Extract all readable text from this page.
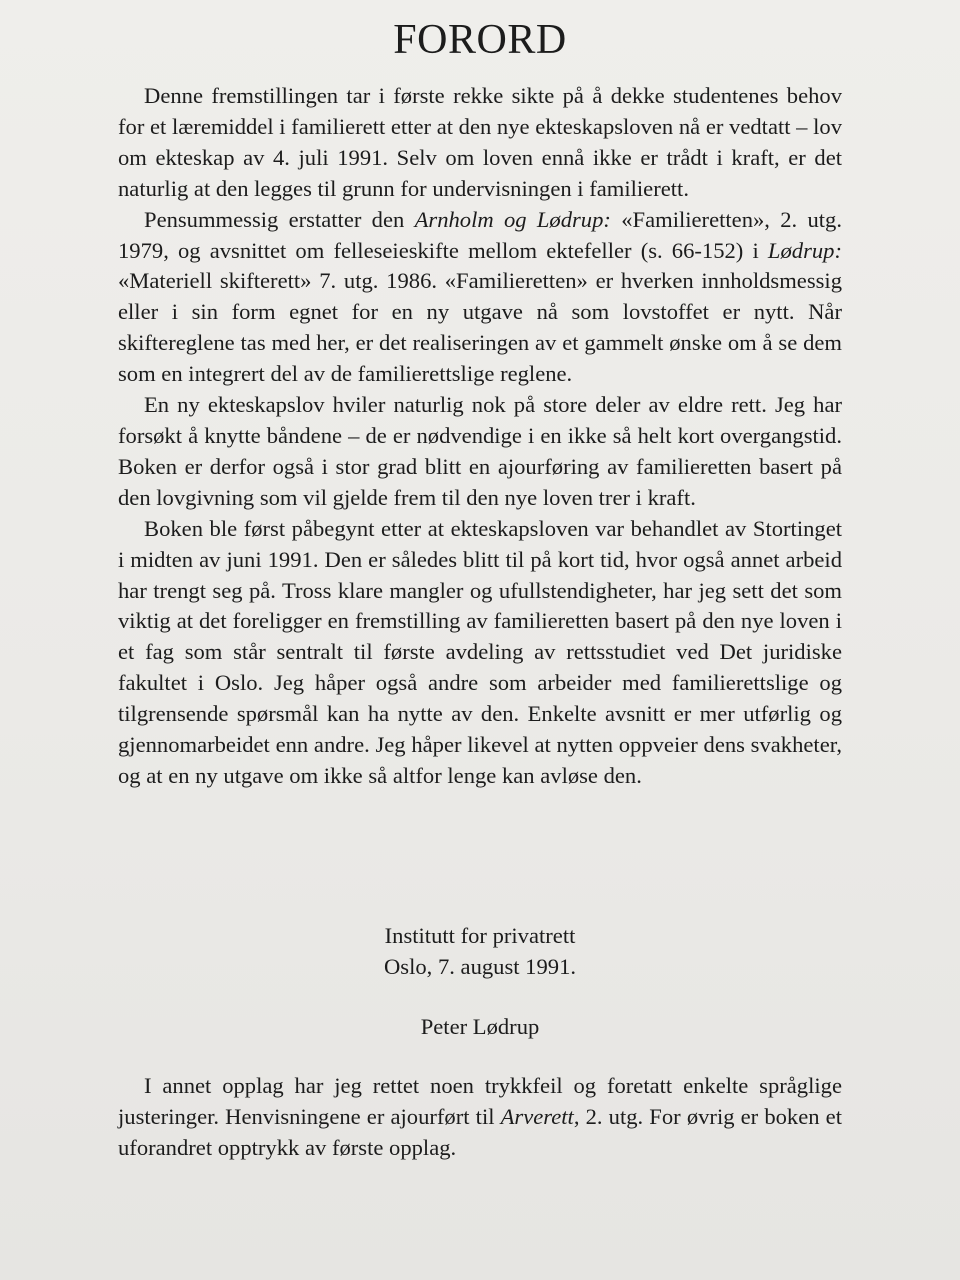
FORORD

Denne fremstillingen tar i første rekke sikte på å dekke studentenes behov for et læremiddel i familierett etter at den nye ekteskapsloven nå er vedtatt – lov om ekteskap av 4. juli 1991. Selv om loven ennå ikke er trådt i kraft, er det naturlig at den legges til grunn for undervisningen i familierett.

Pensummessig erstatter den Arnholm og Lødrup: «Familieretten», 2. utg. 1979, og avsnittet om felleseieskifte mellom ektefeller (s. 66-152) i Lødrup: «Materiell skifterett» 7. utg. 1986. «Familieretten» er hverken innholdsmessig eller i sin form egnet for en ny utgave nå som lovstoffet er nytt. Når skiftereglene tas med her, er det realiseringen av et gammelt ønske om å se dem som en integrert del av de familierettslige reglene.

En ny ekteskapslov hviler naturlig nok på store deler av eldre rett. Jeg har forsøkt å knytte båndene – de er nødvendige i en ikke så helt kort overgangstid. Boken er derfor også i stor grad blitt en ajourføring av familieretten basert på den lovgivning som vil gjelde frem til den nye loven trer i kraft.

Boken ble først påbegynt etter at ekteskapsloven var behandlet av Stortinget i midten av juni 1991. Den er således blitt til på kort tid, hvor også annet arbeid har trengt seg på. Tross klare mangler og ufullstendigheter, har jeg sett det som viktig at det foreligger en fremstilling av familieretten basert på den nye loven i et fag som står sentralt til første avdeling av rettsstudiet ved Det juridiske fakultet i Oslo. Jeg håper også andre som arbeider med familierettslige og tilgrensende spørsmål kan ha nytte av den. Enkelte avsnitt er mer utførlig og gjennomarbeidet enn andre. Jeg håper likevel at nytten oppveier dens svakheter, og at en ny utgave om ikke så altfor lenge kan avløse den.

Institutt for privatrett
Oslo, 7. august 1991.
Peter Lødrup

I annet opplag har jeg rettet noen trykkfeil og foretatt enkelte språglige justeringer. Henvisningene er ajourført til Arverett, 2. utg. For øvrig er boken et uforandret opptrykk av første opplag.
